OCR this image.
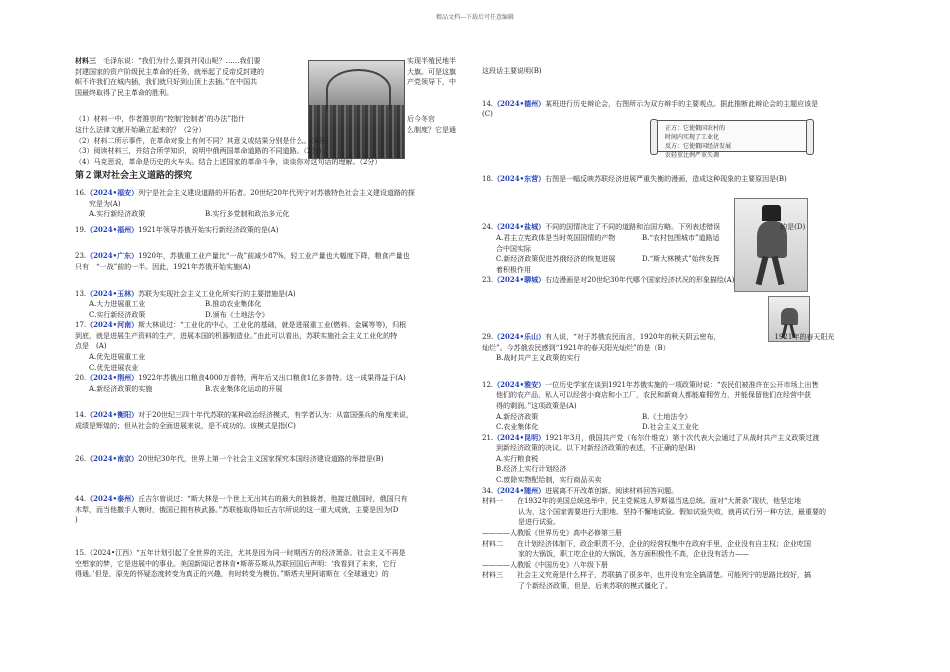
精品文档---下载后可任意编辑
正方：它使俄国农村的
时间内实现了工业化
反方：它使俄国经济发展
农轻重比例严重失调
材料三　 毛泽东说：“我们为什么要到井冈山呢？……我们要
封建国家的资产阶级民主革命的任务，就举起了反帝反封建的
帜不许我们在城内插，我们就只好到山顶上去插。”在中国共
国最终取得了民主革命的胜利。
（1）材料一中，作者推崇的“控制‘控制者’的办法”指什
这什么法律文献开始确立起来的？（2分）
（2）材料二所示事件，在革命对象上有何不同？其意义或结果分别是什么。（4分）
（3）阅读材料三，并结合所学知识，说明中俄两国革命道路的不同道路。（2分）
（4）马克思说，革命是历史的火车头。结合上述国家的革命斗争，谈谈你对这句话的理解。（2分）
第２课对社会主义道路的探究
16.（2024•福安）列宁是社会主义建设道路的开拓者。20世纪20年代列宁对苏俄特色社会主义建设道路的探
究是为(A)
A.实行新经济政策	B.实行多党制和政治多元化
19.（2024•福州）1921年领导苏俄开始实行新经济政策的是(A)
23.（2024•广东）1920年，苏俄重工业产量比“一战”前减少87%，轻工业产量也大幅度下降，粮食产量也
只有　“一战”前的一半。因此，1921年苏俄开始实施(A)
13.（2024•玉林）苏联为实现社会主义工业化所实行的主要措施是(A)
A.大力进展重工业	B.推动农业集体化
C.实行新经济政策	D.颁布《土地法令》
17.（2024•河南）斯大林说过：“工业化的中心，工业化的基础，就是进展重工业(燃料、金属等等)，归根
到底，就是进展生产资料的生产，进展本国的机器制造业。”由此可以看出，苏联实施社会主义工业化的特
点是　(A)
A.优先进展重工业
C.优先进展农业
20.（2024•荆州）1922年苏俄出口粮食4000万普特，两年后又出口粮食1亿多普特。这一成果得益于(A)
A.新经济政策的实施	B.农业集体化运动的开展
14.（2024•衡阳）对于20世纪三四十年代苏联的某种政治经济模式，有学者认为：从富国强兵的角度来说，
成绩是辉煌的；但从社会的全面进展来说，是不成功的。该模式是指(C)
26.（2024•南京）20世纪30年代，世界上第一个社会主义国家探究本国经济建设道路的举措是(B)
44.（2024•泰州）丘吉尔曾说过：“斯大林是一个世上无出其右的最大的独裁者，他接过俄国时，俄国只有
木犁，而当他撒手人寰时，俄国已拥有核武器。”苏联能取得如丘吉尔所说的这一重大成就，主要是因为(D
)
15.（2024•江西）“五年计划引起了全世界的关注，尤其是因为同一时期西方的经济萧条。社会主义不再是
空想家的梦，它是进展中的事业。美国新闻记者林肯•斯蒂芬斯从苏联回国后声明：‘我看到了未来，它行
得通。’但是，原先的怀疑态度转变为真正的兴趣，有时转变为模仿。”斯塔夫里阿诺斯在《全球通史》的
实现半殖民地半
大旗。可是这旗
产党领导下，中
后今冬官
么制度？它是通
这段话主要说明(B)
14.（2024•德州）某班进行历史辩论会，右图所示为双方辩手的主要观点。据此推断此辩论会的主题应该是
(C)
18.（2024•东营）右图是一幅反映苏联经济进展严重失衡的漫画，造成这种现象的主要原因是(B)
24.（2024•盐城）不同的国情决定了不同的道路和治国方略。下列表述错误	的是(D)
A.君主立宪政体是当时英国国情的产物	B.“农村包围城市”道路适合中国实际
C.新经济政策促进苏俄经济的恢复进展	D.“斯大林模式”始终发挥着积极作用
23.（2024•聊城）右边漫画是对20世纪30年代哪个国家经济状况的形象描绘(A)
29.（2024•乐山）有人说，“对于苏俄农民而言，1920年的秋天阴云密布，	1921年的春天阳光
灿烂”。今苏俄农民感到“1921年的春天阳光灿烂”的是（B）
B.战时共产主义政策的实行
12.（2024•雅安）一位历史学家在谈到1921年苏俄实施的一项政策时说：“农民们被准许在公开市场上出售
他们的农产品，私人可以经营小商店和小工厂，农民和新商人都能雇佣劳力，并能保留他们在经营中获
得的剩润。”这项政策是(A)
A.新经济政策	B.《土地法令》
C.农业集体化	D.社会主义工业化
21.（2024•昆明）1921年3月，俄国共产党（布尔什维克）第十次代表大会通过了从战时共产主义政策过渡
到新经济政策的决议。以下对新经济政策的表述，不正确的是(B)
A.实行粮食税
B.经济上实行计划经济
C.废除实物配给制，实行商品买卖
34.（2024•随州）进展离不开改革创新。阅读材料回答问题。
材料一　　 在1932年的美国总统选举中，民主党候选人罗斯福当选总统。面对“大萧条”现状，他坚定地
认为，这个国家需要进行大胆地、坚持不懈地试验。假如试验失败，就再试行另一种方法，最重要的
是进行试验。
————人教版《世界历史》高中必修第三册
材料二　　 在计划经济体制下，政企职责不分，企业的经营权集中在政府手里，企业没有自主权；企业吃国
家的大锅饭，职工吃企业的大锅饭，各方面积极性不高，企业没有活力——
————人教版《中国历史》八年级下册
材料三　　 社会主义究竟是什么样子，苏联搞了很多年，也并没有完全搞清楚。可能列宁的思路比较好，搞
了个新经济政策，但是，后来苏联的模式僵化了。
